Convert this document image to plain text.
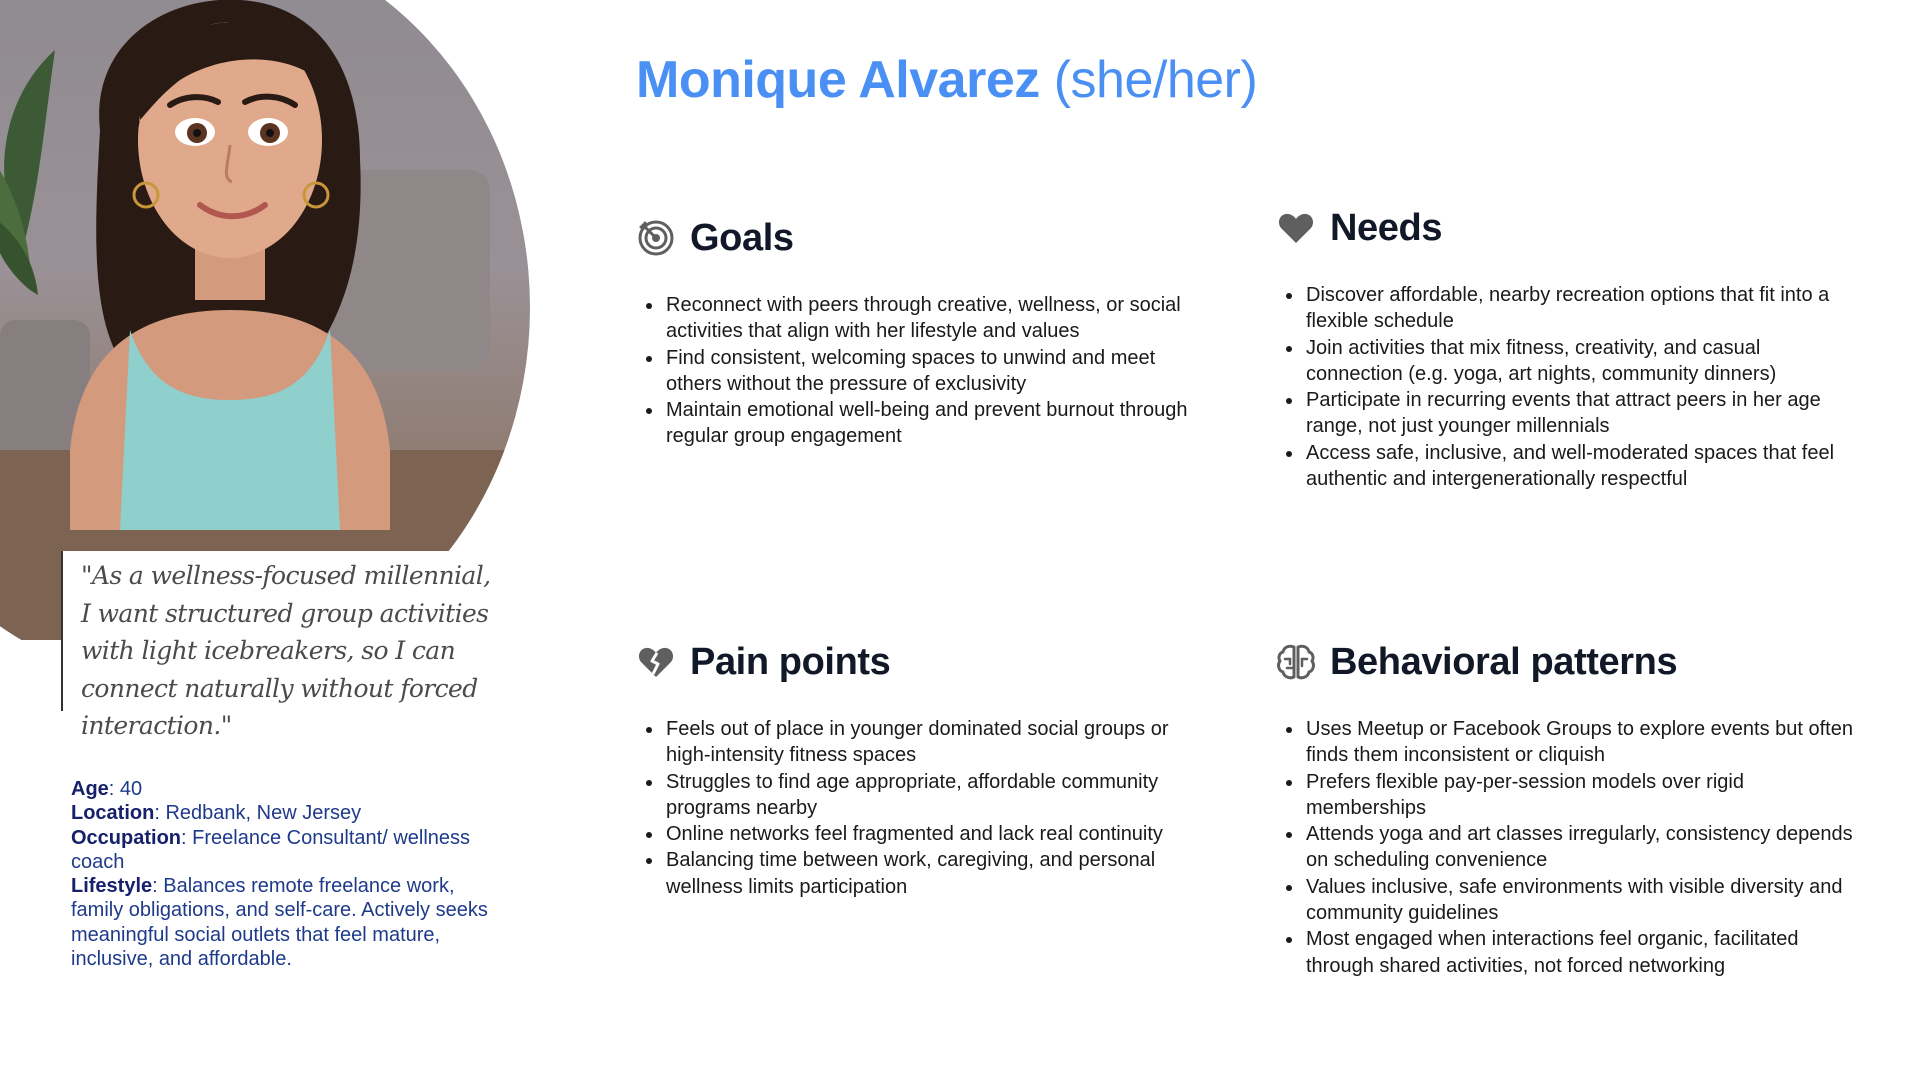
"As a wellness-focused millennial, I want structured group activities with light icebreakers, so I can connect naturally without forced interaction."

Age: 40
Location: Redbank, New Jersey
Occupation: Freelance Consultant/ wellness coach
Lifestyle: Balances remote freelance work, family obligations, and self-care. Actively seeks meaningful social outlets that feel mature, inclusive, and affordable.
Monique Alvarez (she/her)
Goals
Reconnect with peers through creative, wellness, or social activities that align with her lifestyle and values
Find consistent, welcoming spaces to unwind and meet others without the pressure of exclusivity
Maintain emotional well-being and prevent burnout through regular group engagement
Needs
Discover affordable, nearby recreation options that fit into a flexible schedule
Join activities that mix fitness, creativity, and casual connection (e.g. yoga, art nights, community dinners)
Participate in recurring events that attract peers in her age range, not just younger millennials
Access safe, inclusive, and well-moderated spaces that feel authentic and intergenerationally respectful
Pain points
Feels out of place in younger dominated social groups or high-intensity fitness spaces
Struggles to find age appropriate, affordable community programs nearby
Online networks feel fragmented and lack real continuity
Balancing time between work, caregiving, and personal wellness limits participation
Behavioral patterns
Uses Meetup or Facebook Groups to explore events but often finds them inconsistent or cliquish
Prefers flexible pay-per-session models over rigid memberships
Attends yoga and art classes irregularly, consistency depends on scheduling convenience
Values inclusive, safe environments with visible diversity and community guidelines
Most engaged when interactions feel organic, facilitated through shared activities, not forced networking
